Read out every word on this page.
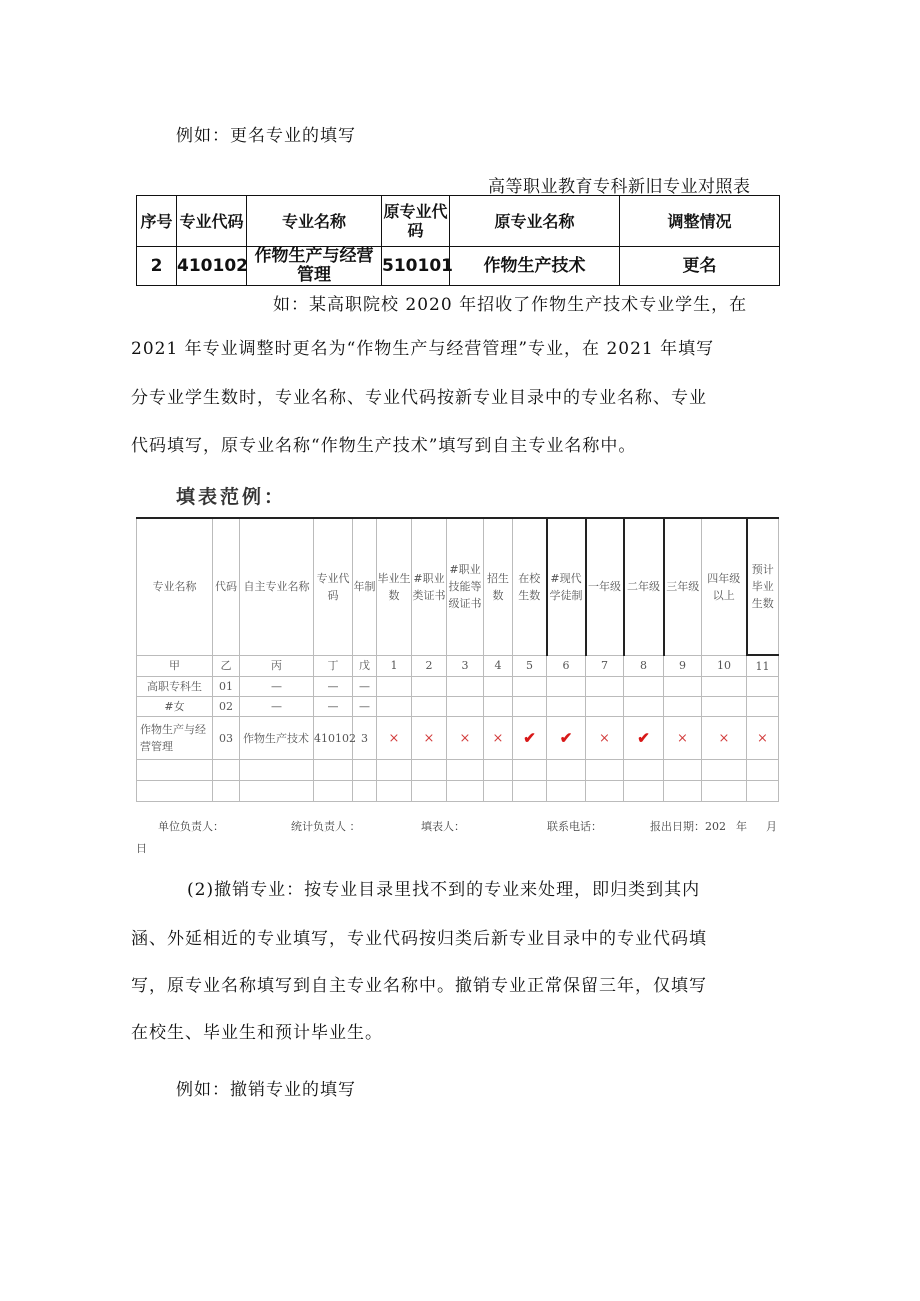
例如：更名专业的填写
高等职业教育专科新旧专业对照表
序号	专业代码	专业名称	原专业代码	原专业名称	调整情况
2	410102	作物生产与经营管理	510101	作物生产技术	更名
如：某高职院校 2020 年招收了作物生产技术专业学生，在
2021 年专业调整时更名为“作物生产与经营管理”专业，在 2021 年填写
分专业学生数时，专业名称、专业代码按新专业目录中的专业名称、专业
代码填写，原专业名称“作物生产技术”填写到自主专业名称中。
填表范例：
专业名称	代码	自主专业名称	专业代码	年制	毕业生数	#职业类证书	#职业技能等级证书	招生数	在校生数	#现代学徒制	一年级	二年级	三年级	四年级以上	预计毕业生数
甲	乙	丙	丁	戊	1	2	3	4	5	6	7	8	9	10	11
高职专科生	01	—	—	—											
#女	02	—	—	—											
作物生产与经营管理	03	作物生产技术	410102	3	×	×	×	×	✔	✔	×	✔	×	×	×

单位负责人：	统计负责人 ：	填表人：	联系电话：	报出日期：202 年 月
日
(2)撤销专业：按专业目录里找不到的专业来处理，即归类到其内
涵、外延相近的专业填写，专业代码按归类后新专业目录中的专业代码填
写，原专业名称填写到自主专业名称中。撤销专业正常保留三年，仅填写
在校生、毕业生和预计毕业生。
例如：撤销专业的填写
